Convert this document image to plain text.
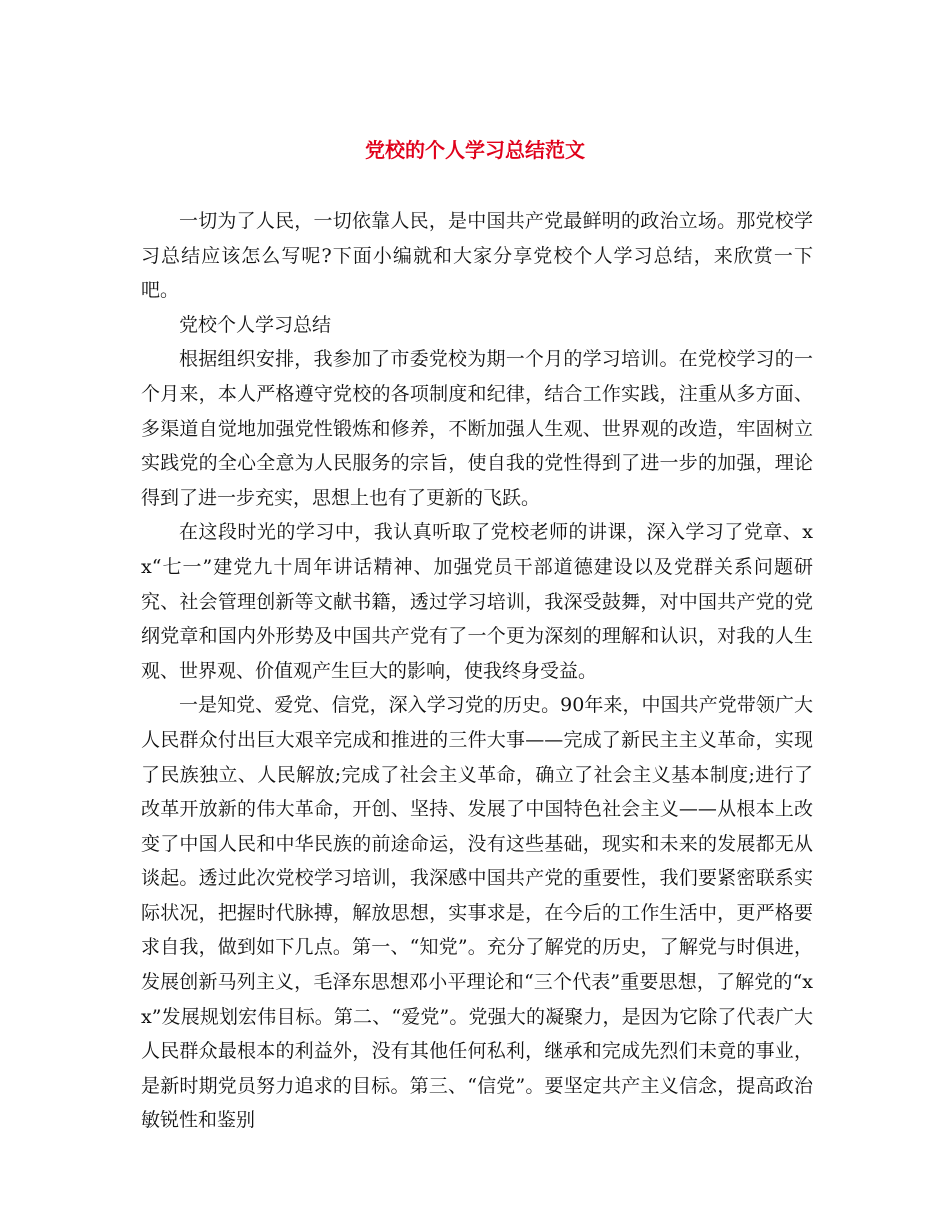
党校的个人学习总结范文

一切为了人民，一切依靠人民，是中国共产党最鲜明的政治立场。那党校学习总结应该怎么写呢?下面小编就和大家分享党校个人学习总结，来欣赏一下吧。

党校个人学习总结

根据组织安排，我参加了市委党校为期一个月的学习培训。在党校学习的一个月来，本人严格遵守党校的各项制度和纪律，结合工作实践，注重从多方面、多渠道自觉地加强党性锻炼和修养，不断加强人生观、世界观的改造，牢固树立实践党的全心全意为人民服务的宗旨，使自我的党性得到了进一步的加强，理论得到了进一步充实，思想上也有了更新的飞跃。

在这段时光的学习中，我认真听取了党校老师的讲课，深入学习了党章、xx“七一”建党九十周年讲话精神、加强党员干部道德建设以及党群关系问题研究、社会管理创新等文献书籍，透过学习培训，我深受鼓舞，对中国共产党的党纲党章和国内外形势及中国共产党有了一个更为深刻的理解和认识，对我的人生观、世界观、价值观产生巨大的影响，使我终身受益。

一是知党、爱党、信党，深入学习党的历史。90年来，中国共产党带领广大人民群众付出巨大艰辛完成和推进的三件大事——完成了新民主主义革命，实现了民族独立、人民解放;完成了社会主义革命，确立了社会主义基本制度;进行了改革开放新的伟大革命，开创、坚持、发展了中国特色社会主义——从根本上改变了中国人民和中华民族的前途命运，没有这些基础，现实和未来的发展都无从谈起。透过此次党校学习培训，我深感中国共产党的重要性，我们要紧密联系实际状况，把握时代脉搏，解放思想，实事求是，在今后的工作生活中，更严格要求自我，做到如下几点。第一、“知党”。充分了解党的历史，了解党与时俱进，发展创新马列主义，毛泽东思想邓小平理论和“三个代表”重要思想，了解党的“xx”发展规划宏伟目标。第二、“爱党”。党强大的凝聚力，是因为它除了代表广大人民群众最根本的利益外，没有其他任何私利，继承和完成先烈们未竟的事业，是新时期党员努力追求的目标。第三、“信党”。要坚定共产主义信念，提高政治敏锐性和鉴别
